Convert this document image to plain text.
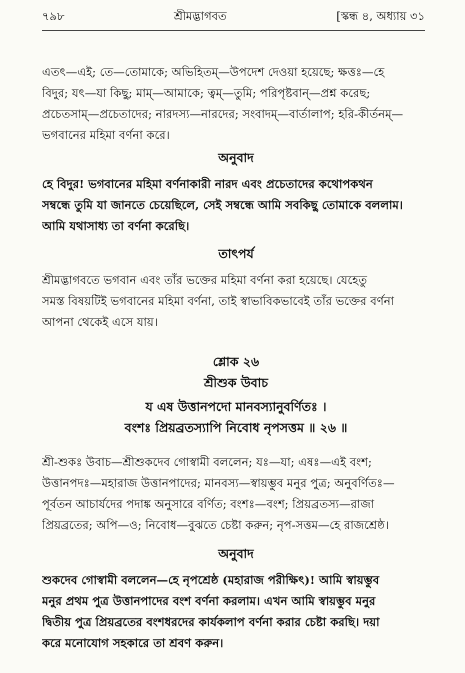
৭৯৮	শ্রীমদ্ভাগবত	[স্কন্ধ ৪, অধ্যায় ৩১
এতৎ—এই; তে—তোমাকে; অভিহিতম্—উপদেশ দেওয়া হয়েছে; ক্ষত্তঃ—হে
বিদুর; যৎ—যা কিছু; মাম্—আমাকে; ত্বম্—তুমি; পরিপৃষ্টবান্—প্রশ্ন করেছ;
প্রচেতসাম্—প্রচেতাদের; নারদস্য—নারদের; সংবাদম্—বার্তালাপ; হরি-কীর্তনম্—
ভগবানের মহিমা বর্ণনা করে।
অনুবাদ
হে বিদুর! ভগবানের মহিমা বর্ণনাকারী নারদ এবং প্রচেতাদের কথোপকথন
সম্বন্ধে তুমি যা জানতে চেয়েছিলে, সেই সম্বন্ধে আমি সবকিছু তোমাকে বললাম।
আমি যথাসাধ্য তা বর্ণনা করেছি।
তাৎপর্য
শ্রীমদ্ভাগবতে ভগবান এবং তাঁর ভক্তের মহিমা বর্ণনা করা হয়েছে। যেহেতু
সমস্ত বিষয়টিই ভগবানের মহিমা বর্ণনা, তাই স্বাভাবিকভাবেই তাঁর ভক্তের বর্ণনা
আপনা থেকেই এসে যায়।
শ্লোক ২৬
শ্রীশুক উবাচ
য এষ উত্তানপদো মানবস্যানুবর্ণিতঃ ।
বংশঃ প্রিয়ব্রতস্যাপি নিবোধ নৃপসত্তম ॥ ২৬ ॥
শ্রী-শুকঃ উবাচ—শ্রীশুকদেব গোস্বামী বললেন; যঃ—যা; এষঃ—এই বংশ;
উত্তানপদঃ—মহারাজ উত্তানপাদের; মানবস্য—স্বায়ম্ভুব মনুর পুত্র; অনুবর্ণিতঃ—
পূর্বতন আচার্যদের পদাঙ্ক অনুসারে বর্ণিত; বংশঃ—বংশ; প্রিয়ব্রতস্য—রাজা
প্রিয়ব্রতের; অপি—ও; নিবোধ—বুঝতে চেষ্টা করুন; নৃপ-সত্তম—হে রাজশ্রেষ্ঠ।
অনুবাদ
শুকদেব গোস্বামী বললেন—হে নৃপশ্রেষ্ঠ (মহারাজ পরীক্ষিৎ)! আমি স্বায়ম্ভুব
মনুর প্রথম পুত্র উত্তানপাদের বংশ বর্ণনা করলাম। এখন আমি স্বায়ম্ভুব মনুর
দ্বিতীয় পুত্র প্রিয়ব্রতের বংশধরদের কার্যকলাপ বর্ণনা করার চেষ্টা করছি। দয়া
করে মনোযোগ সহকারে তা শ্রবণ করুন।
